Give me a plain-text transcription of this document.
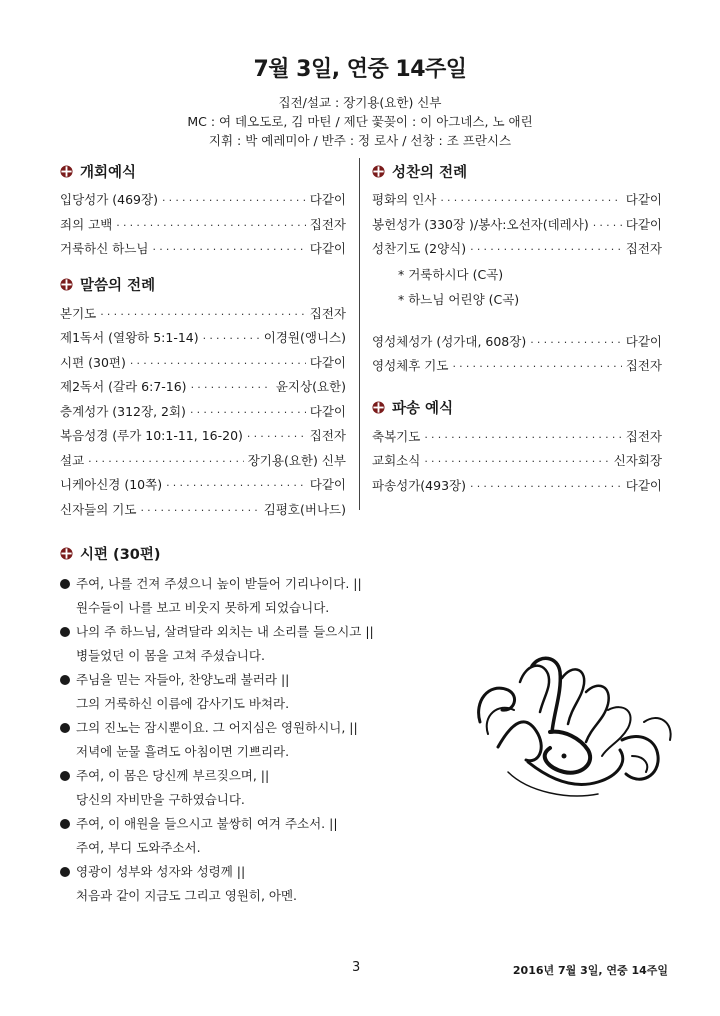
7월 3일, 연중 14주일
집전/설교 : 장기용(요한) 신부
MC : 여 데오도로, 김 마틴 / 제단 꽃꽂이 : 이 아그네스, 노 애린
지휘 : 박 예레미아 / 반주 : 정 로사 / 선창 : 조 프란시스
개회예식
입당성가 (469장) ·····	다같이
죄의 고백 ·····	집전자
거룩하신 하느님 ·····	다같이
말씀의 전례
본기도 ·····	집전자
제1독서 (열왕하 5:1-14) ·····	이경원(앵니스)
시편 (30편) ·····	다같이
제2독서 (갈라 6:7-16) ·····	윤지상(요한)
층계성가 (312장, 2회) ·····	다같이
복음성경 (루가 10:1-11, 16-20) ·····	집전자
설교 ·····	장기용(요한) 신부
니케아신경 (10쪽) ·····	다같이
신자들의 기도 ·····	김평호(버나드)
성찬의 전례
평화의 인사 ·····	다같이
봉헌성가 (330장 )/봉사:오선자(데레사) ·····	다같이
성찬기도 (2양식) ·····	집전자
* 거룩하시다 (C곡)
* 하느님 어린양 (C곡)
영성체성가 (성가대, 608장) ·····	다같이
영성체후 기도 ·····	집전자
파송 예식
축복기도 ·····	집전자
교회소식 ·····	신자회장
파송성가(493장) ·····	다같이
시편 (30편)
주여, 나를 건져 주셨으니 높이 받들어 기리나이다. ||
원수들이 나를 보고 비웃지 못하게 되었습니다.
나의 주 하느님, 살려달라 외치는 내 소리를 들으시고 ||
병들었던 이 몸을 고쳐 주셨습니다.
주님을 믿는 자들아, 찬양노래 불러라 ||
그의 거룩하신 이름에 감사기도 바쳐라.
그의 진노는 잠시뿐이요. 그 어지심은 영원하시니, ||
저녁에 눈물 흘려도 아침이면 기쁘리라.
주여, 이 몸은 당신께 부르짖으며, ||
당신의 자비만을 구하였습니다.
주여, 이 애원을 들으시고 불쌍히 여겨 주소서. ||
주여, 부디 도와주소서.
영광이 성부와 성자와 성령께 ||
처음과 같이 지금도 그리고 영원히, 아멘.
3	2016년 7월 3일, 연중 14주일
